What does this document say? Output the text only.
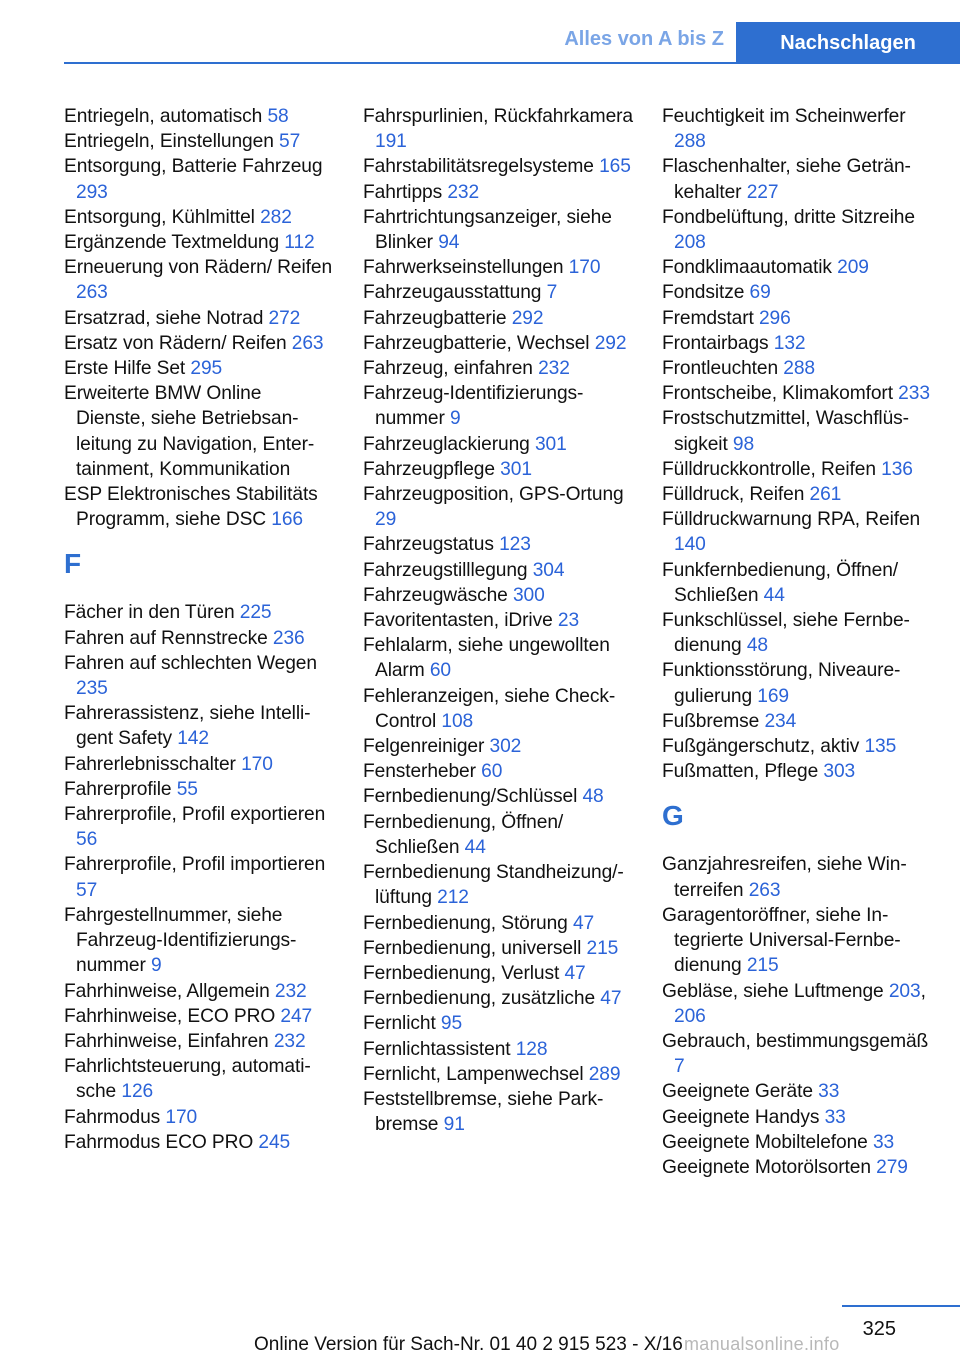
Alles von A bis Z	Nachschlagen
Entriegeln, automatisch 58
Entriegeln, Einstellungen 57
Entsorgung, Batterie Fahrzeug 293
Entsorgung, Kühlmittel 282
Ergänzende Textmeldung 112
Erneuerung von Rädern/ Reifen 263
Ersatzrad, siehe Notrad 272
Ersatz von Rädern/ Reifen 263
Erste Hilfe Set 295
Erweiterte BMW Online Dienste, siehe Betriebsanleitung zu Navigation, Entertainment, Kommunikation
ESP Elektronisches Stabilitäts Programm, siehe DSC 166
F
Fächer in den Türen 225
Fahren auf Rennstrecke 236
Fahren auf schlechten Wegen 235
Fahrerassistenz, siehe Intelligent Safety 142
Fahrerlebnisschalter 170
Fahrerprofile 55
Fahrerprofile, Profil exportieren 56
Fahrerprofile, Profil importieren 57
Fahrgestellnummer, siehe Fahrzeug-Identifizierungsnummer 9
Fahrhinweise, Allgemein 232
Fahrhinweise, ECO PRO 247
Fahrhinweise, Einfahren 232
Fahrlichtsteuerung, automatische 126
Fahrmodus 170
Fahrmodus ECO PRO 245
Fahrspurlinien, Rückfahrkamera 191
Fahrstabilitätsregelsysteme 165
Fahrtipps 232
Fahrtrichtungsanzeiger, siehe Blinker 94
Fahrwerkseinstellungen 170
Fahrzeugausstattung 7
Fahrzeugbatterie 292
Fahrzeugbatterie, Wechsel 292
Fahrzeug, einfahren 232
Fahrzeug-Identifizierungsnummer 9
Fahrzeuglackierung 301
Fahrzeugpflege 301
Fahrzeugposition, GPS-Ortung 29
Fahrzeugstatus 123
Fahrzeugstilllegung 304
Fahrzeugwäsche 300
Favoritentasten, iDrive 23
Fehlalarm, siehe ungewollten Alarm 60
Fehleranzeigen, siehe Check-Control 108
Felgenreiniger 302
Fensterheber 60
Fernbedienung/Schlüssel 48
Fernbedienung, Öffnen/ Schließen 44
Fernbedienung Standheizung/-lüftung 212
Fernbedienung, Störung 47
Fernbedienung, universell 215
Fernbedienung, Verlust 47
Fernbedienung, zusätzliche 47
Fernlicht 95
Fernlichtassistent 128
Fernlicht, Lampenwechsel 289
Feststellbremse, siehe Parkbremse 91
Feuchtigkeit im Scheinwerfer 288
Flaschenhalter, siehe Getränkehalter 227
Fondbelüftung, dritte Sitzreihe 208
Fondklimaautomatik 209
Fondsitze 69
Fremdstart 296
Frontairbags 132
Frontleuchten 288
Frontscheibe, Klimakomfort 233
Frostschutzmittel, Waschflüssigkeit 98
Fülldruckkontrolle, Reifen 136
Fülldruck, Reifen 261
Fülldruckwarnung RPA, Reifen 140
Funkfernbedienung, Öffnen/ Schließen 44
Funkschlüssel, siehe Fernbedienung 48
Funktionsstörung, Niveauregulierung 169
Fußbremse 234
Fußgängerschutz, aktiv 135
Fußmatten, Pflege 303
G
Ganzjahresreifen, siehe Winterreifen 263
Garagentoröffner, siehe Integrierte Universal-Fernbedienung 215
Gebläse, siehe Luftmenge 203, 206
Gebrauch, bestimmungsgemäß 7
Geeignete Geräte 33
Geeignete Handys 33
Geeignete Mobiltelefone 33
Geeignete Motorölsorten 279
325
Online Version für Sach-Nr. 01 40 2 915 523 - X/16 manualsonline.info
